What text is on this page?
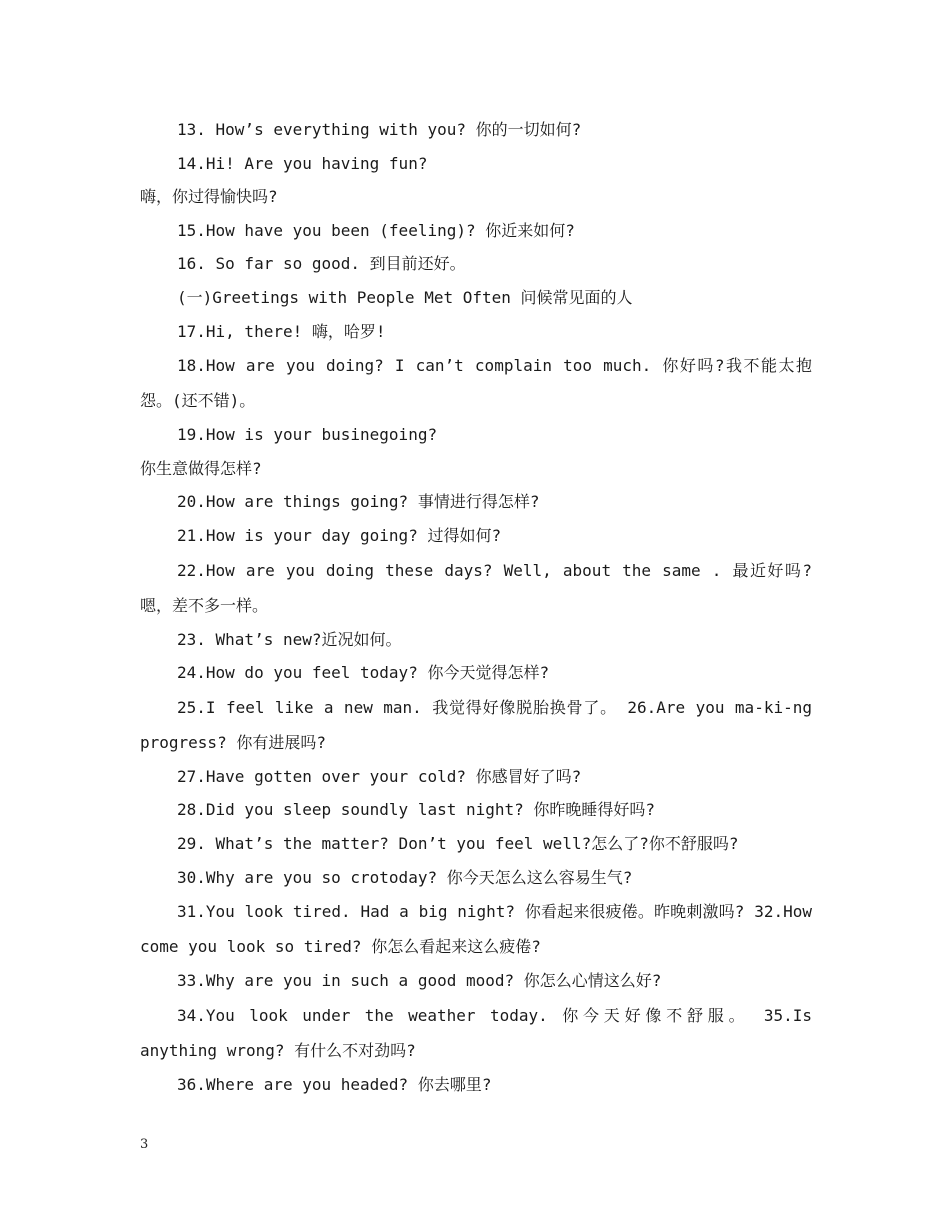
13. How’s everything with you? 你的一切如何?

14.Hi! Are you having fun?

嗨，你过得愉快吗?

15.How have you been (feeling)? 你近来如何?

16. So far so good. 到目前还好。

(一)Greetings with People Met Often 问候常见面的人

17.Hi, there! 嗨，哈罗!

18.How are you doing? I can’t complain too much. 你好吗?我不能太抱怨。(还不错)。

19.How is your businegoing?

你生意做得怎样?

20.How are things going? 事情进行得怎样?

21.How is your day going? 过得如何?

22.How are you doing these days? Well, about the same . 最近好吗?嗯，差不多一样。

23. What’s new?近况如何。

24.How do you feel today? 你今天觉得怎样?

25.I feel like a new man. 我觉得好像脱胎换骨了。 26.Are you ma-ki-ng progress? 你有进展吗?

27.Have gotten over your cold? 你感冒好了吗?

28.Did you sleep soundly last night? 你昨晚睡得好吗?

29. What’s the matter? Don’t you feel well?怎么了?你不舒服吗?

30.Why are you so crotoday? 你今天怎么这么容易生气?

31.You look tired. Had a big night? 你看起来很疲倦。昨晚刺激吗? 32.How come you look so tired? 你怎么看起来这么疲倦?

33.Why are you in such a good mood? 你怎么心情这么好?

34.You look under the weather today. 你今天好像不舒服。 35.Is anything wrong? 有什么不对劲吗?

36.Where are you headed? 你去哪里?

3
